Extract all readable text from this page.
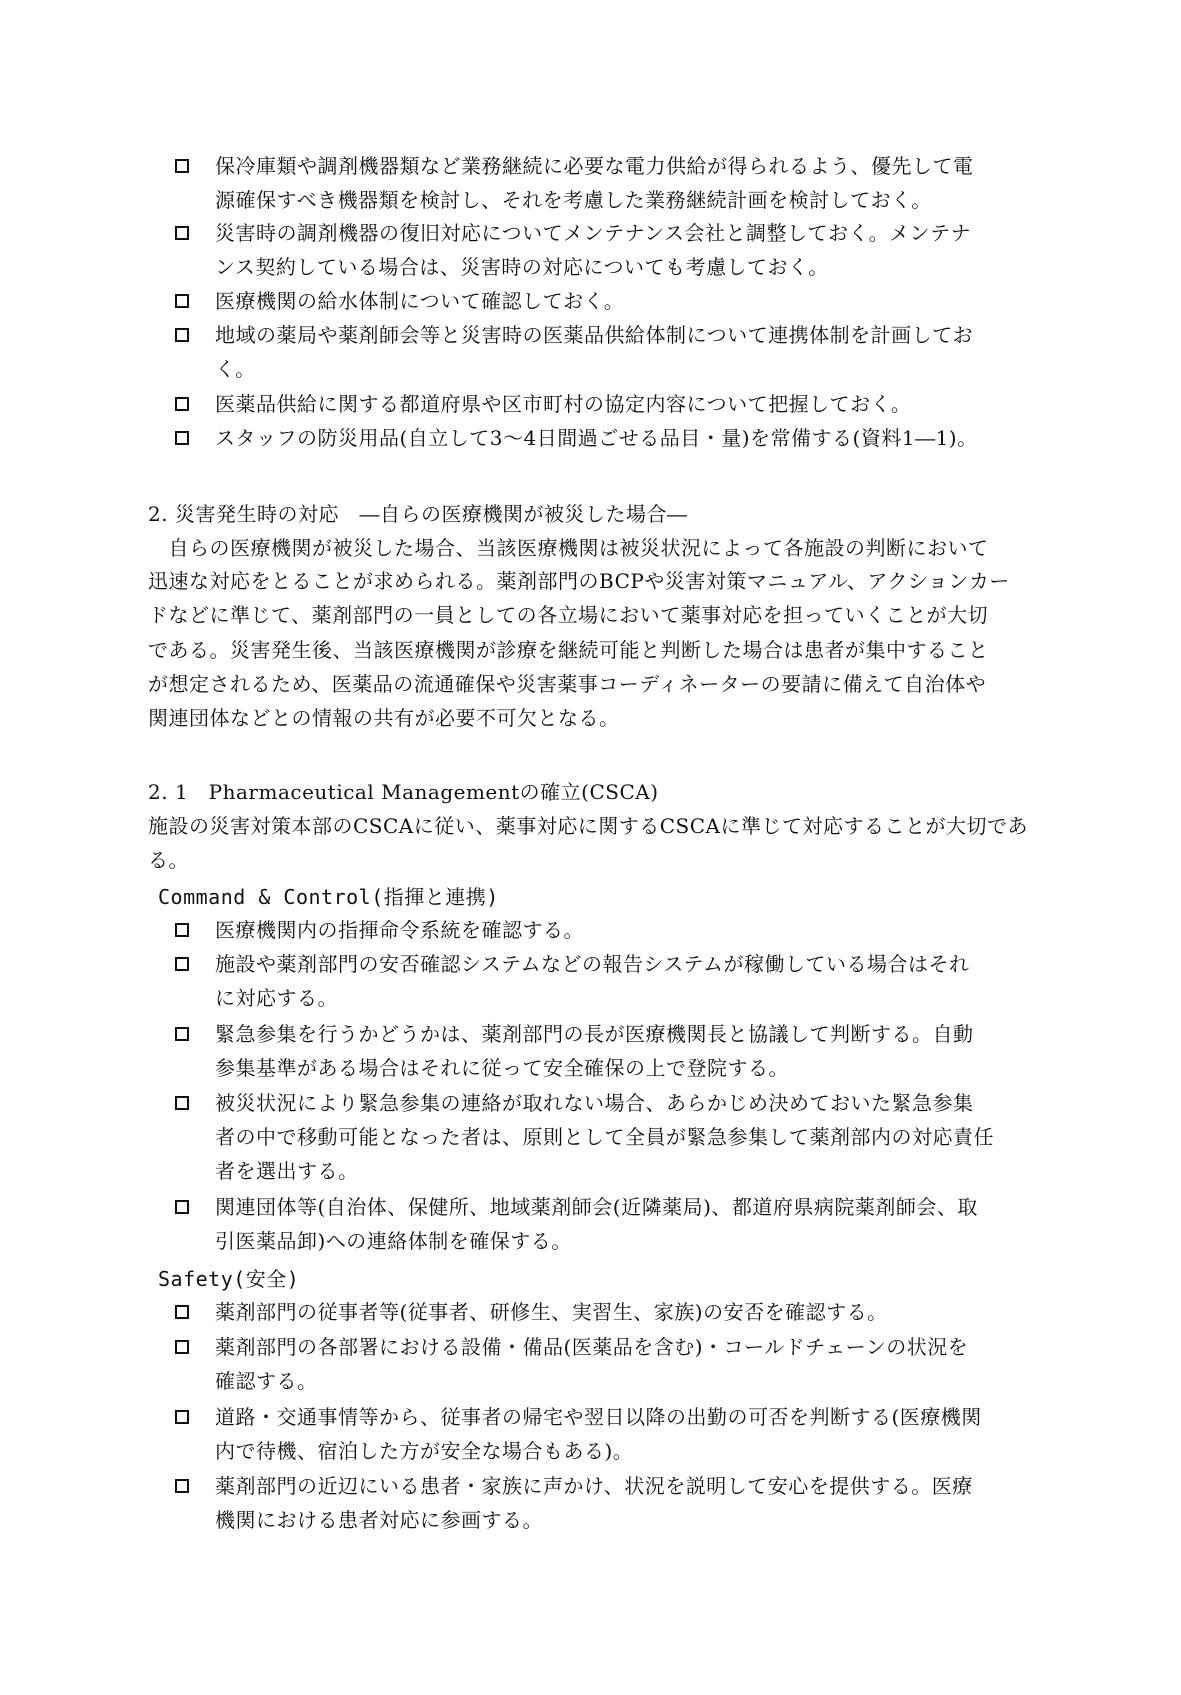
保冷庫類や調剤機器類など業務継続に必要な電力供給が得られるよう、優先して電
源確保すべき機器類を検討し、それを考慮した業務継続計画を検討しておく。
災害時の調剤機器の復旧対応についてメンテナンス会社と調整しておく。メンテナ
ンス契約している場合は、災害時の対応についても考慮しておく。
医療機関の給水体制について確認しておく。
地域の薬局や薬剤師会等と災害時の医薬品供給体制について連携体制を計画してお
く。
医薬品供給に関する都道府県や区市町村の協定内容について把握しておく。
スタッフの防災用品(自立して3〜4日間過ごせる品目・量)を常備する(資料1―1)。
2. 災害発生時の対応　―自らの医療機関が被災した場合―
　自らの医療機関が被災した場合、当該医療機関は被災状況によって各施設の判断において
迅速な対応をとることが求められる。薬剤部門のBCPや災害対策マニュアル、アクションカー
ドなどに準じて、薬剤部門の一員としての各立場において薬事対応を担っていくことが大切
である。災害発生後、当該医療機関が診療を継続可能と判断した場合は患者が集中すること
が想定されるため、医薬品の流通確保や災害薬事コーディネーターの要請に備えて自治体や
関連団体などとの情報の共有が必要不可欠となる。
2. 1　Pharmaceutical Managementの確立(CSCA)
施設の災害対策本部のCSCAに従い、薬事対応に関するCSCAに準じて対応することが大切であ
る。
Command & Control(指揮と連携)
医療機関内の指揮命令系統を確認する。
施設や薬剤部門の安否確認システムなどの報告システムが稼働している場合はそれ
に対応する。
緊急参集を行うかどうかは、薬剤部門の長が医療機関長と協議して判断する。自動
参集基準がある場合はそれに従って安全確保の上で登院する。
被災状況により緊急参集の連絡が取れない場合、あらかじめ決めておいた緊急参集
者の中で移動可能となった者は、原則として全員が緊急参集して薬剤部内の対応責任
者を選出する。
関連団体等(自治体、保健所、地域薬剤師会(近隣薬局)、都道府県病院薬剤師会、取
引医薬品卸)への連絡体制を確保する。
Safety(安全)
薬剤部門の従事者等(従事者、研修生、実習生、家族)の安否を確認する。
薬剤部門の各部署における設備・備品(医薬品を含む)・コールドチェーンの状況を
確認する。
道路・交通事情等から、従事者の帰宅や翌日以降の出勤の可否を判断する(医療機関
内で待機、宿泊した方が安全な場合もある)。
薬剤部門の近辺にいる患者・家族に声かけ、状況を説明して安心を提供する。医療
機関における患者対応に参画する。
